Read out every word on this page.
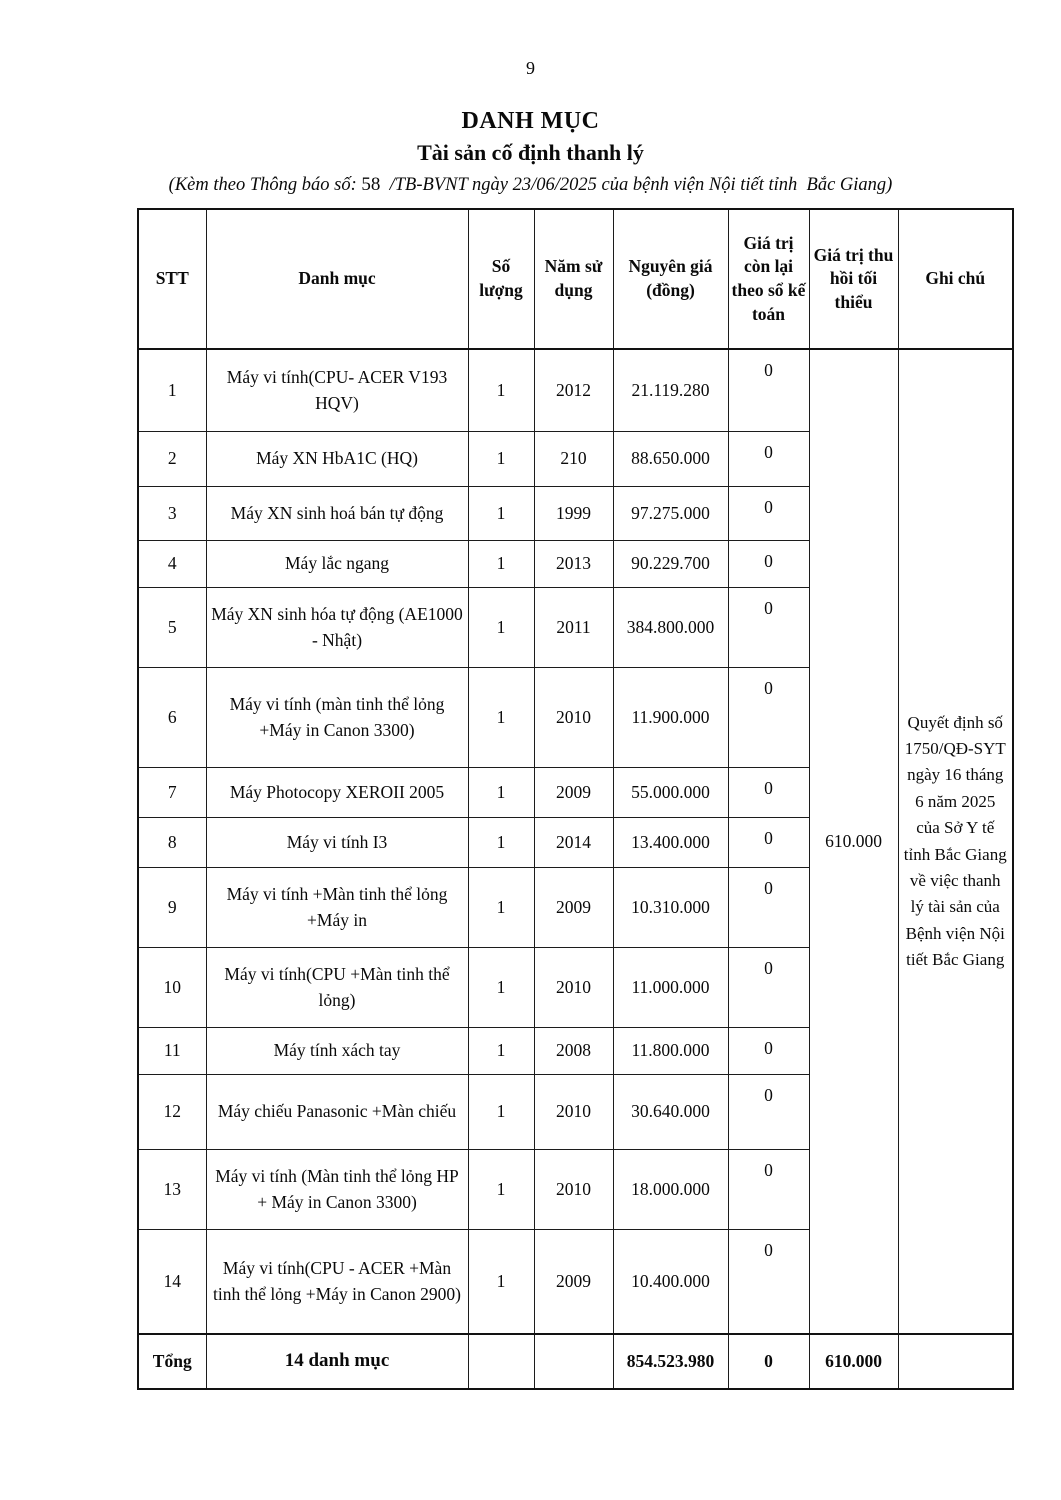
9
DANH MỤC
Tài sản cố định thanh lý
(Kèm theo Thông báo số: 58  /TB-BVNT ngày 23/06/2025 của bệnh viện Nội tiết tỉnh  Bắc Giang)
STT	Danh mục	Số lượng	Năm sử dụng	Nguyên giá (đồng)	Giá trị còn lại theo sổ kế toán	Giá trị thu hồi tối thiểu	Ghi chú
1	Máy vi tính(CPU- ACER V193 HQV)	1	2012	21.119.280	0	610.000	Quyết định số 1750/QĐ-SYT ngày 16 tháng 6 năm 2025 của Sở Y tế tỉnh Bắc Giang về việc thanh lý tài sản của Bệnh viện Nội tiết Bắc Giang
2	Máy XN HbA1C (HQ)	1	210	88.650.000	0		
3	Máy XN sinh hoá bán tự động	1	1999	97.275.000	0		
4	Máy lắc ngang	1	2013	90.229.700	0		
5	Máy XN sinh hóa tự động (AE1000 - Nhật)	1	2011	384.800.000	0		
6	Máy vi tính (màn tinh thể lỏng +Máy in Canon 3300)	1	2010	11.900.000	0		
7	Máy Photocopy XEROII 2005	1	2009	55.000.000	0		
8	Máy vi tính I3	1	2014	13.400.000	0		
9	Máy vi tính +Màn tinh thể lỏng +Máy in	1	2009	10.310.000	0		
10	Máy vi tính(CPU +Màn tinh thể lỏng)	1	2010	11.000.000	0		
11	Máy tính xách tay	1	2008	11.800.000	0		
12	Máy chiếu Panasonic +Màn chiếu	1	2010	30.640.000	0		
13	Máy vi tính (Màn tinh thể lỏng HP + Máy in Canon 3300)	1	2010	18.000.000	0		
14	Máy vi tính(CPU - ACER +Màn tinh thể lỏng +Máy in Canon 2900)	1	2009	10.400.000	0		
Tổng	14 danh mục			854.523.980	0	610.000	
